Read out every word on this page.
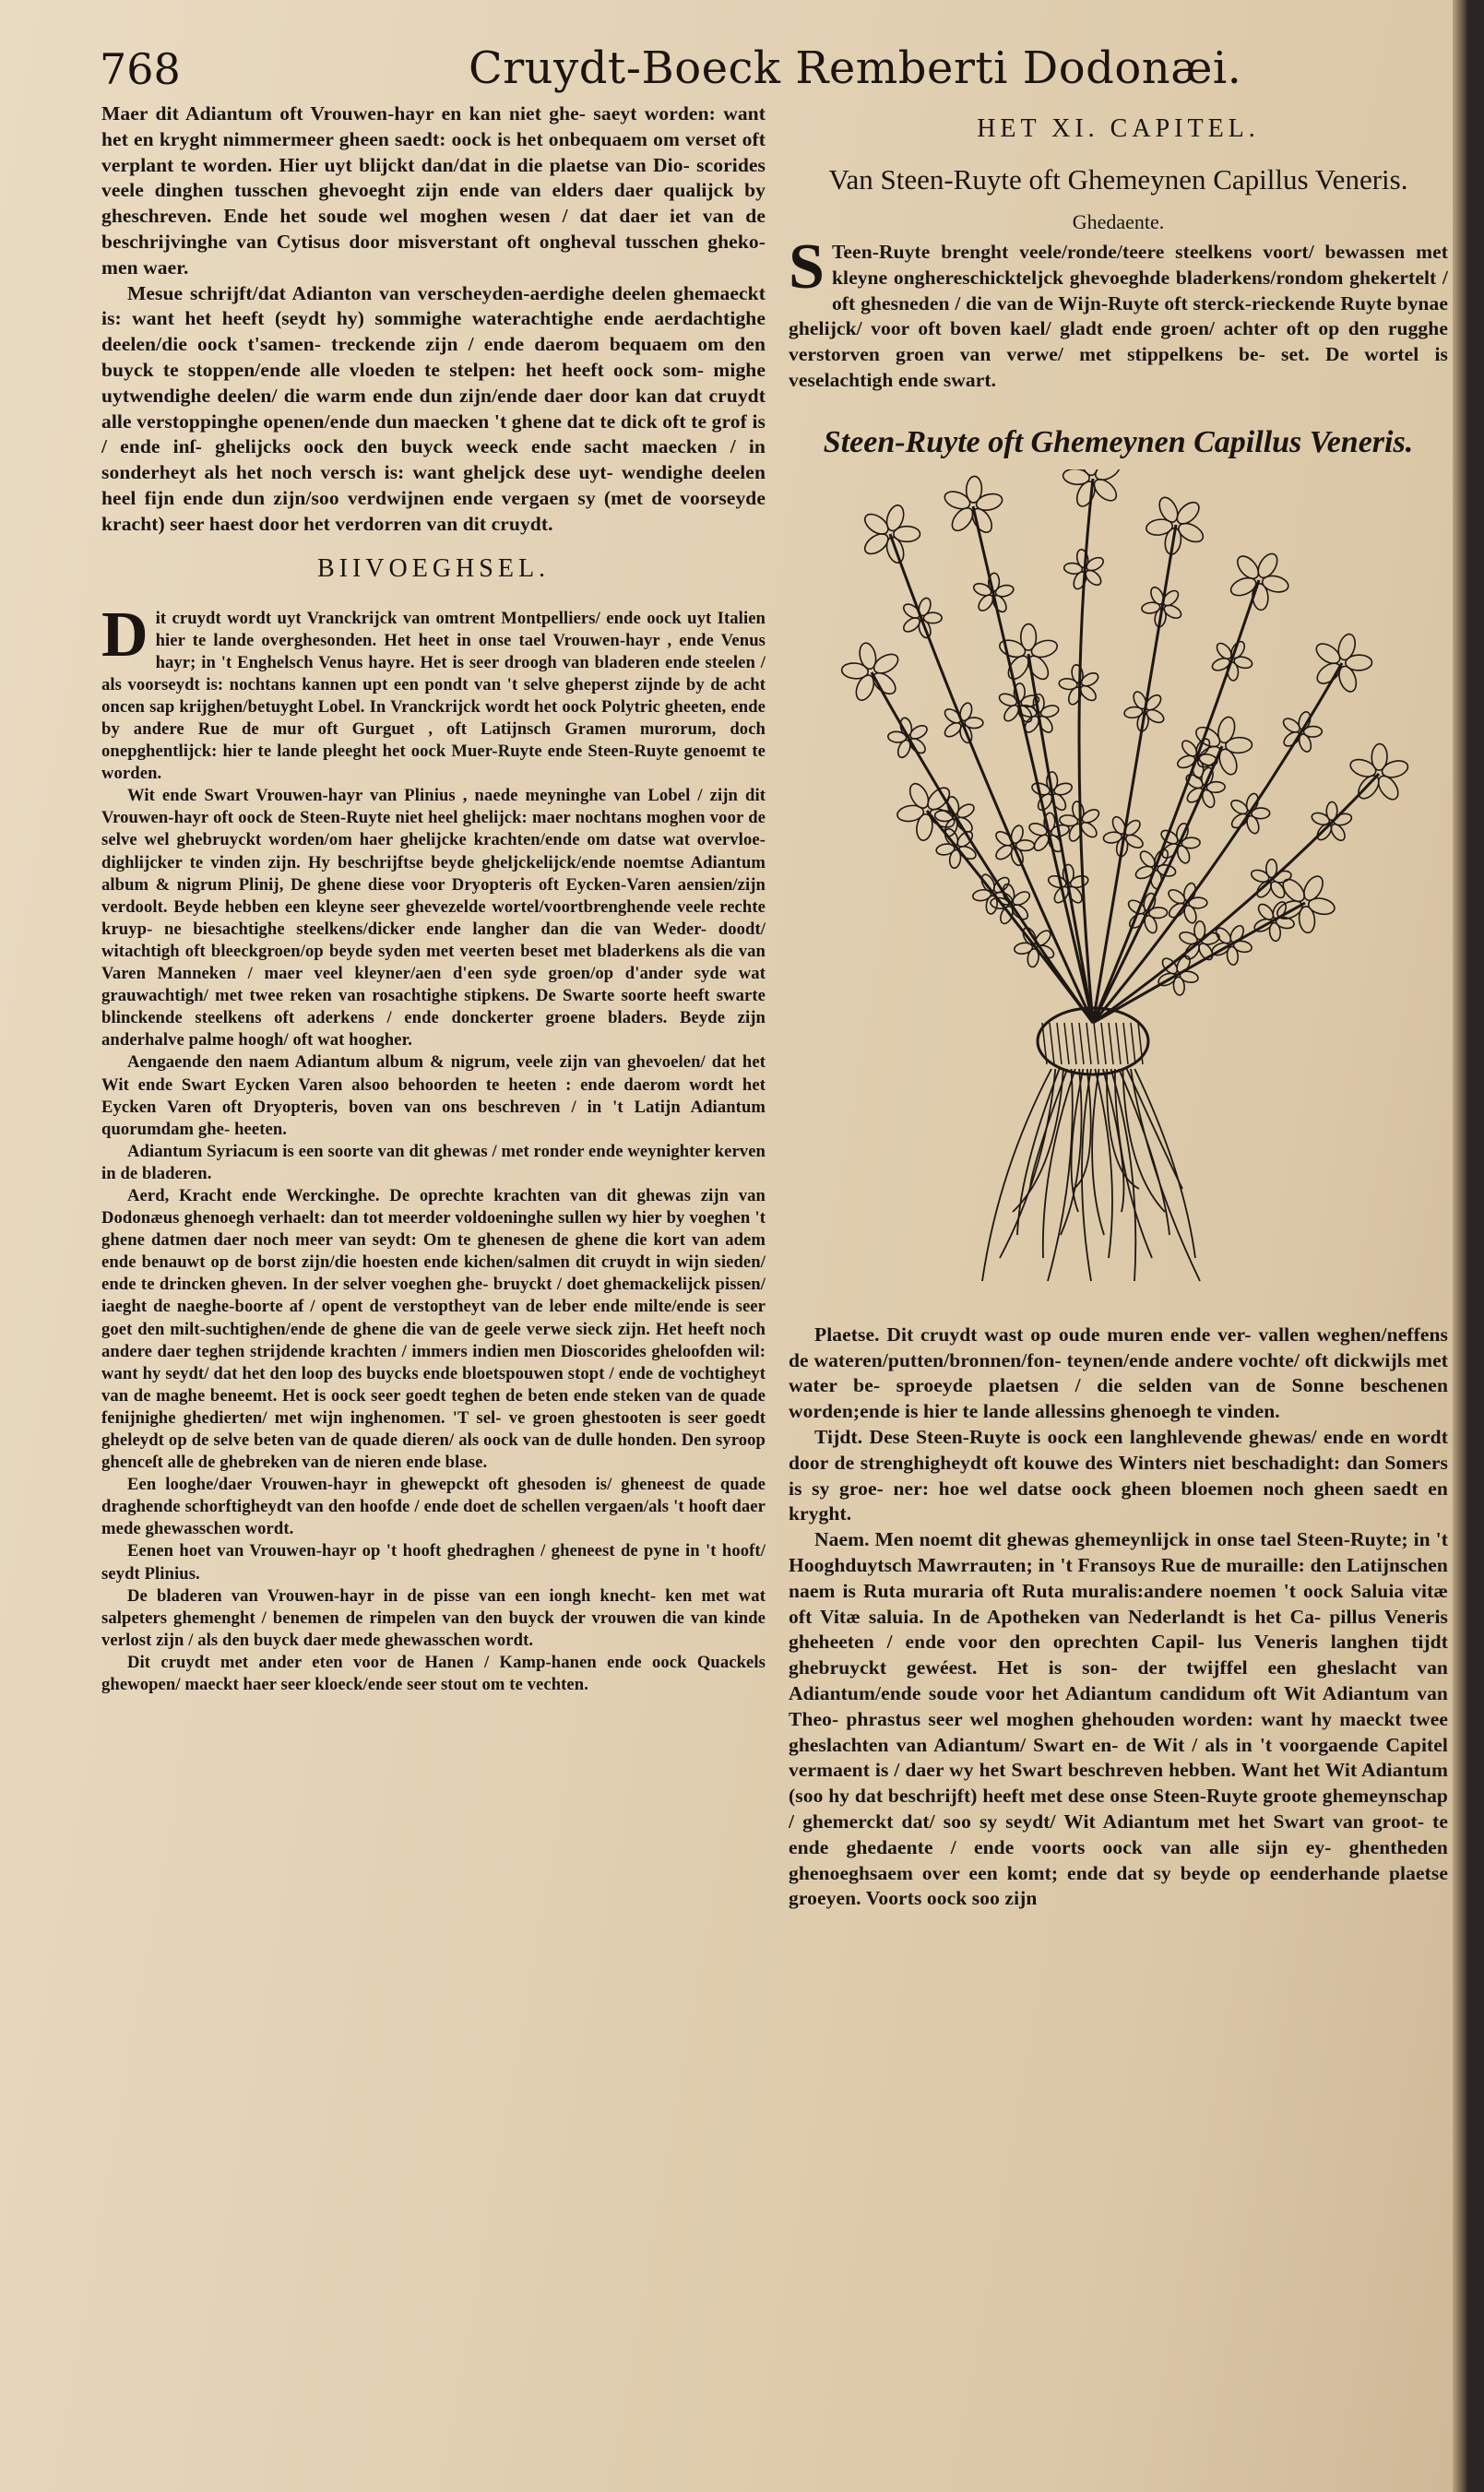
768	Cruydt-Boeck Remberti Dodonæi.

Maer dit Adiantum oft Vrouwen-hayr en kan niet ghe- saeyt worden: want het en kryght nimmermeer gheen saedt: oock is het onbequaem om verset oft verplant te worden. Hier uyt blijckt dan/dat in die plaetse van Dio- scorides veele dinghen tusschen ghevoeght zijn ende van elders daer qualijck by gheschreven. Ende het soude wel moghen wesen / dat daer iet van de beschrijvinghe van Cytisus door misverstant oft ongheval tusschen gheko- men waer.

Mesue schrijft/dat Adianton van verscheyden-aerdighe deelen ghemaeckt is: want het heeft (seydt hy) sommighe waterachtighe ende aerdachtighe deelen/die oock t'samen- treckende zijn / ende daerom bequaem om den buyck te stoppen/ende alle vloeden te stelpen: het heeft oock som- mighe uytwendighe deelen/ die warm ende dun zijn/ende daer door kan dat cruydt alle verstoppinghe openen/ende dun maecken 't ghene dat te dick oft te grof is / ende inſ- ghelijcks oock den buyck weeck ende sacht maecken / in sonderheyt als het noch versch is: want gheljck dese uyt- wendighe deelen heel fijn ende dun zijn/soo verdwijnen ende vergaen sy (met de voorseyde kracht) seer haest door het verdorren van dit cruydt.

BIIVOEGHSEL.
D it cruydt wordt uyt Vranckrijck van omtrent Montpelliers/ ende oock uyt Italien hier te lande overghesonden. Het heet in onse tael Vrouwen-hayr , ende Venus hayr; in 't Enghelsch Venus hayre. Het is seer droogh van bladeren ende steelen / als voorseydt is: nochtans kannen upt een pondt van 't selve gheperst zijnde by de acht oncen sap krijghen/betuyght Lobel. In Vranckrijck wordt het oock Polytric gheeten, ende by andere Rue de mur oft Gurguet , oft Latijnsch Gramen murorum, doch onepghentlijck: hier te lande pleeght het oock Muer-Ruyte ende Steen-Ruyte genoemt te worden.

Wit ende Swart Vrouwen-hayr van Plinius , naede meyninghe van Lobel / zijn dit Vrouwen-hayr oft oock de Steen-Ruyte niet heel ghelijck: maer nochtans moghen voor de selve wel ghebruyckt worden/om haer ghelijcke krachten/ende om datse wat overvloe- dighlijcker te vinden zijn. Hy beschrijftse beyde gheljckelijck/ende noemtse Adiantum album & nigrum Plinij, De ghene diese voor Dryopteris oft Eycken-Varen aensien/zijn verdoolt. Beyde hebben een kleyne seer ghevezelde wortel/voortbrenghende veele rechte kruyp- ne biesachtighe steelkens/dicker ende langher dan die van Weder- doodt/ witachtigh oft bleeckgroen/op beyde syden met veerten beset met bladerkens als die van Varen Manneken / maer veel kleyner/aen d'een syde groen/op d'ander syde wat grauwachtigh/ met twee reken van rosachtighe stipkens. De Swarte soorte heeft swarte blinckende steelkens oft aderkens / ende donckerter groene bladers. Beyde zijn anderhalve palme hoogh/ oft wat hoogher.

Aengaende den naem Adiantum album & nigrum, veele zijn van ghevoelen/ dat het Wit ende Swart Eycken Varen alsoo behoorden te heeten : ende daerom wordt het Eycken Varen oft Dryopteris, boven van ons beschreven / in 't Latijn Adiantum quorumdam ghe- heeten.

Adiantum Syriacum is een soorte van dit ghewas / met ronder ende weynighter kerven in de bladeren.

Aerd, Kracht ende Werckinghe. De oprechte krachten van dit ghewas zijn van Dodonæus ghenoegh verhaelt: dan tot meerder voldoeninghe sullen wy hier by voeghen 't ghene datmen daer noch meer van seydt: Om te ghenesen de ghene die kort van adem ende benauwt op de borst zijn/die hoesten ende kichen/salmen dit cruydt in wijn sieden/ ende te drincken gheven. In der selver voeghen ghe- bruyckt / doet ghemackelijck pissen/ iaeght de naeghe-boorte af / opent de verstoptheyt van de leber ende milte/ende is seer goet den milt-suchtighen/ende de ghene die van de geele verwe sieck zijn. Het heeft noch andere daer teghen strijdende krachten / immers indien men Dioscorides gheloofden wil: want hy seydt/ dat het den loop des buycks ende bloetspouwen stopt / ende de vochtigheyt van de maghe beneemt. Het is oock seer goedt teghen de beten ende steken van de quade fenijnighe ghedierten/ met wijn inghenomen. 'T sel- ve groen ghestooten is seer goedt gheleydt op de selve beten van de quade dieren/ als oock van de dulle honden. Den syroop ghenceſt alle de ghebreken van de nieren ende blase.

Een looghe/daer Vrouwen-hayr in ghewepckt oft ghesoden is/ gheneest de quade draghende schorftigheydt van den hoofde / ende doet de schellen vergaen/als 't hooft daer mede ghewasschen wordt.

Eenen hoet van Vrouwen-hayr op 't hooft ghedraghen / gheneest de pyne in 't hooft/ seydt Plinius.

De bladeren van Vrouwen-hayr in de pisse van een iongh knecht- ken met wat salpeters ghemenght / benemen de rimpelen van den buyck der vrouwen die van kinde verlost zijn / als den buyck daer mede ghewasschen wordt.

Dit cruydt met ander eten voor de Hanen / Kamp-hanen ende oock Quackels ghewopen/ maeckt haer seer kloeck/ende seer stout om te vechten.

HET XI. CAPITEL.
Van Steen-Ruyte oft Ghemeynen Capillus Veneris.
Ghedaente.
S Teen-Ruyte brenght veele/ronde/teere steelkens voort/ bewassen met kleyne onghereschickteljck ghevoeghde bladerkens/rondom ghekertelt / oft ghesneden / die van de Wijn-Ruyte oft sterck-rieckende Ruyte bynae ghelijck/ voor oft boven kael/ gladt ende groen/ achter oft op den rugghe verstorven groen van verwe/ met stippelkens be- set. De wortel is veselachtigh ende swart.

Steen-Ruyte oft Ghemeynen Capillus Veneris.

Plaetse. Dit cruydt wast op oude muren ende ver- vallen weghen/neffens de wateren/putten/bronnen/fon- teynen/ende andere vochte/ oft dickwijls met water be- sproeyde plaetsen / die selden van de Sonne beschenen worden;ende is hier te lande allessins ghenoegh te vinden.

Tijdt. Dese Steen-Ruyte is oock een langhlevende ghewas/ ende en wordt door de strenghigheydt oft kouwe des Winters niet beschadight: dan Somers is sy groe- ner: hoe wel datse oock gheen bloemen noch gheen saedt en kryght.

Naem. Men noemt dit ghewas ghemeynlijck in onse tael Steen-Ruyte; in 't Hooghduytsch Mawrrauten; in 't Fransoys Rue de muraille: den Latijnschen naem is Ruta muraria oft Ruta muralis:andere noemen 't oock Saluia vitæ oft Vitæ saluia. In de Apotheken van Nederlandt is het Ca- pillus Veneris gheheeten / ende voor den oprechten Capil- lus Veneris langhen tijdt ghebruyckt gewéest. Het is son- der twijffel een gheslacht van Adiantum/ende soude voor het Adiantum candidum oft Wit Adiantum van Theo- phrastus seer wel moghen ghehouden worden: want hy maeckt twee gheslachten van Adiantum/ Swart en- de Wit / als in 't voorgaende Capitel vermaent is / daer wy het Swart beschreven hebben. Want het Wit Adiantum (soo hy dat beschrijft) heeft met dese onse Steen-Ruyte groote ghemeynschap / ghemerckt dat/ soo sy seydt/ Wit Adiantum met het Swart van groot- te ende ghedaente / ende voorts oock van alle sijn ey- ghentheden ghenoeghsaem over een komt; ende dat sy beyde op eenderhande plaetse groeyen. Voorts oock soo zijn
